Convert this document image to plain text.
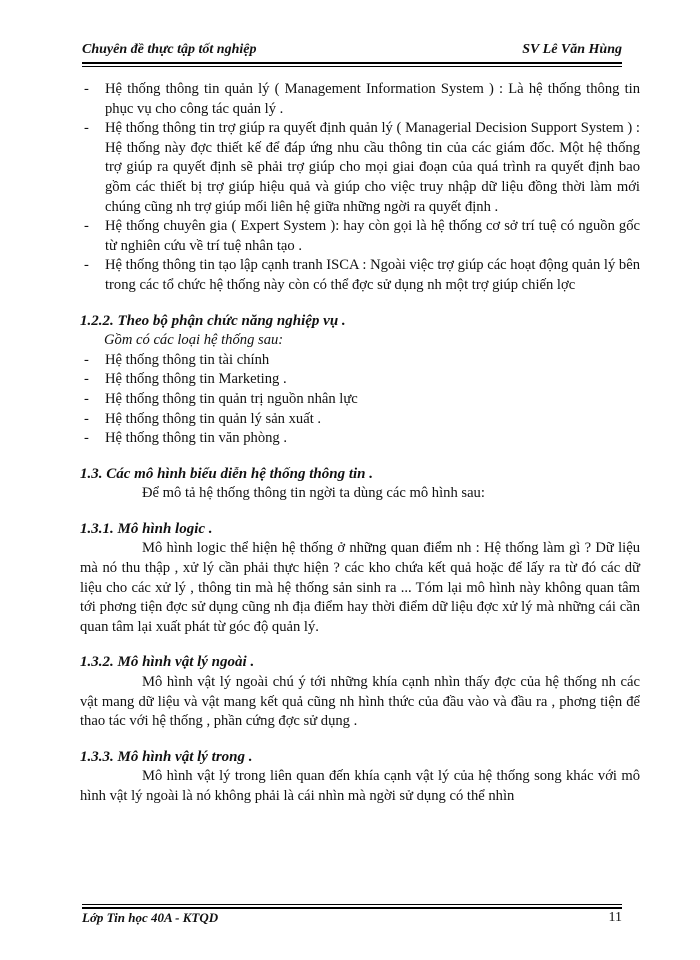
Chuyên đề thực tập tốt nghiệp	SV Lê Văn Hùng
- Hệ thống thông tin quản lý ( Management Information System ) : Là hệ thống thông tin phục vụ cho công tác quản lý .
- Hệ thống thông tin trợ giúp ra quyết định quản lý ( Managerial Decision Support System ) : Hệ thống này đợc thiết kế để đáp ứng nhu cầu thông tin của các giám đốc. Một hệ thống trợ giúp ra quyết định sẽ phải trợ giúp cho mọi giai đoạn của quá trình ra quyết định bao gồm các thiết bị trợ giúp hiệu quả và giúp cho việc truy nhập dữ liệu đồng thời làm mới chúng cũng nh trợ giúp mối liên hệ giữa những ngời ra quyết định .
- Hệ thống chuyên gia ( Expert System ): hay còn gọi là hệ thống cơ sở trí tuệ có nguồn gốc từ nghiên cứu về trí tuệ nhân tạo .
- Hệ thống thông tin tạo lập cạnh tranh ISCA : Ngoài việc trợ giúp các hoạt động quản lý bên trong các tổ chức hệ thống này còn có thể đợc sử dụng nh một trợ giúp chiến lợc
1.2.2. Theo bộ phận chức năng nghiệp vụ .
Gồm có các loại hệ thống sau:
- Hệ thống thông tin tài chính
- Hệ thống thông tin Marketing .
- Hệ thống thông tin quản trị nguồn nhân lực
- Hệ thống thông tin quản lý sản xuất .
- Hệ thống thông tin văn phòng .
1.3. Các mô hình biểu diễn hệ thống thông tin .
Để mô tả hệ thống thông tin ngời ta dùng các mô hình sau:
1.3.1. Mô hình logic .
Mô hình logic thể hiện hệ thống ở những quan điểm nh : Hệ thống làm gì ? Dữ liệu mà nó thu thập , xử lý cần phải thực hiện ? các kho chứa kết quả hoặc để lấy ra từ đó các dữ liệu cho các xử lý , thông tin mà hệ thống sản sinh ra ... Tóm lại mô hình này không quan tâm tới phơng tiện đợc sử dụng cũng nh địa điểm hay thời điểm dữ liệu đợc xử lý mà những cái cần quan tâm lại xuất phát từ góc độ quản lý.
1.3.2. Mô hình vật lý ngoài .
Mô hình vật lý ngoài chú ý tới những khía cạnh nhìn thấy đợc của hệ thống nh các vật mang dữ liệu và vật mang kết quả cũng nh hình thức của đầu vào và đầu ra , phơng tiện để thao tác với hệ thống , phần cứng đợc sử dụng .
1.3.3. Mô hình vật lý trong .
Mô hình vật lý trong liên quan đến khía cạnh vật lý của hệ thống song khác với mô hình vật lý ngoài là nó không phải là cái nhìn mà ngời sử dụng có thể nhìn
Lớp Tin học 40A - KTQD	11
